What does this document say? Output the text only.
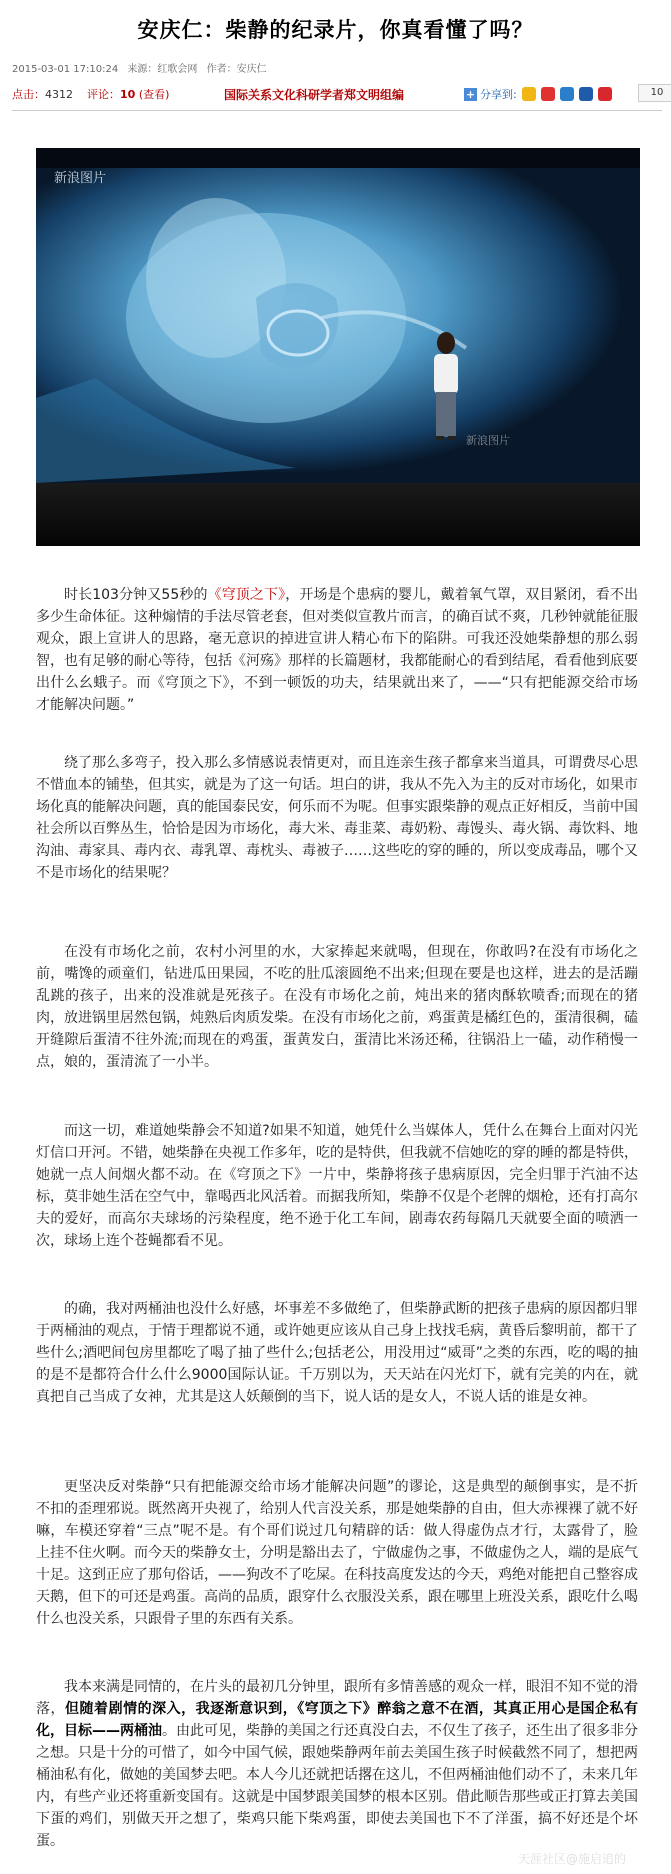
安庆仁：柴静的纪录片，你真看懂了吗？
2015-03-01 17:10:24 来源：红歌会网 作者：安庆仁
点击：4312 评论：10 (查看)	国际关系文化科研学者郑文明组编	+ 分享到:	10
新浪图片
新浪图片

时长103分钟又55秒的《穹顶之下》，开场是个患病的婴儿，戴着氧气罩，双目紧闭，看不出多少生命体征。这种煽情的手法尽管老套，但对类似宣教片而言，的确百试不爽，几秒钟就能征服观众，跟上宣讲人的思路，毫无意识的掉进宣讲人精心布下的陷阱。可我还没她柴静想的那么弱智，也有足够的耐心等待，包括《河殇》那样的长篇题材，我都能耐心的看到结尾，看看他到底要出什么幺蛾子。而《穹顶之下》，不到一顿饭的功夫，结果就出来了，——“只有把能源交给市场才能解决问题。”

绕了那么多弯子，投入那么多情感说表情更对，而且连亲生孩子都拿来当道具，可谓费尽心思不惜血本的铺垫，但其实，就是为了这一句话。坦白的讲，我从不先入为主的反对市场化，如果市场化真的能解决问题，真的能国泰民安，何乐而不为呢。但事实跟柴静的观点正好相反，当前中国社会所以百弊丛生，恰恰是因为市场化，毒大米、毒韭菜、毒奶粉、毒馒头、毒火锅、毒饮料、地沟油、毒家具、毒内衣、毒乳罩、毒枕头、毒被子……这些吃的穿的睡的，所以变成毒品，哪个又不是市场化的结果呢？

在没有市场化之前，农村小河里的水，大家捧起来就喝，但现在，你敢吗?在没有市场化之前，嘴馋的顽童们，钻进瓜田果园，不吃的肚瓜滚圆绝不出来;但现在要是也这样，进去的是活蹦乱跳的孩子，出来的没准就是死孩子。在没有市场化之前，炖出来的猪肉酥软喷香;而现在的猪肉，放进锅里居然包锅，炖熟后肉质发柴。在没有市场化之前，鸡蛋黄是橘红色的，蛋清很稠，磕开缝隙后蛋清不往外流;而现在的鸡蛋，蛋黄发白，蛋清比米汤还稀，往锅沿上一磕，动作稍慢一点，娘的，蛋清流了一小半。

而这一切，难道她柴静会不知道?如果不知道，她凭什么当媒体人，凭什么在舞台上面对闪光灯信口开河。不错，她柴静在央视工作多年，吃的是特供，但我就不信她吃的穿的睡的都是特供，她就一点人间烟火都不动。在《穹顶之下》一片中，柴静将孩子患病原因，完全归罪于汽油不达标，莫非她生活在空气中，靠喝西北风活着。而据我所知，柴静不仅是个老牌的烟枪，还有打高尔夫的爱好，而高尔夫球场的污染程度，绝不逊于化工车间，剧毒农药每隔几天就要全面的喷洒一次，球场上连个苍蝇都看不见。

的确，我对两桶油也没什么好感，坏事差不多做绝了，但柴静武断的把孩子患病的原因都归罪于两桶油的观点，于情于理都说不通，或许她更应该从自己身上找找毛病，黄昏后黎明前，都干了些什么;酒吧间包房里都吃了喝了抽了些什么;包括老公，用没用过“威哥”之类的东西，吃的喝的抽的是不是都符合什么什么9000国际认证。千万别以为，天天站在闪光灯下，就有完美的内在，就真把自己当成了女神，尤其是这人妖颠倒的当下，说人话的是女人，不说人话的谁是女神。

更坚决反对柴静“只有把能源交给市场才能解决问题”的谬论，这是典型的颠倒事实，是不折不扣的歪理邪说。既然离开央视了，给别人代言没关系，那是她柴静的自由，但大赤裸裸了就不好嘛，车模还穿着“三点”呢不是。有个哥们说过几句精辟的话：做人得虚伪点才行，太露骨了，脸上挂不住火啊。而今天的柴静女士，分明是豁出去了，宁做虚伪之事，不做虚伪之人，端的是底气十足。这到正应了那句俗话，——狗改不了吃屎。在科技高度发达的今天，鸡绝对能把自己整容成天鹅，但下的可还是鸡蛋。高尚的品质，跟穿什么衣服没关系，跟在哪里上班没关系，跟吃什么喝什么也没关系，只跟骨子里的东西有关系。

我本来满是同情的，在片头的最初几分钟里，跟所有多情善感的观众一样，眼泪不知不觉的滑落，但随着剧情的深入，我逐渐意识到，《穹顶之下》醉翁之意不在酒，其真正用心是国企私有化，目标——两桶油。由此可见，柴静的美国之行还真没白去，不仅生了孩子，还生出了很多非分之想。只是十分的可惜了，如今中国气候，跟她柴静两年前去美国生孩子时候截然不同了，想把两桶油私有化，做她的美国梦去吧。本人今儿还就把话撂在这儿，不但两桶油他们动不了，未来几年内，有些产业还将重新变国有。这就是中国梦跟美国梦的根本区别。借此顺告那些或正打算去美国下蛋的鸡们，别做天开之想了，柴鸡只能下柴鸡蛋，即使去美国也下不了洋蛋，搞不好还是个坏蛋。

天涯社区@施启追的
